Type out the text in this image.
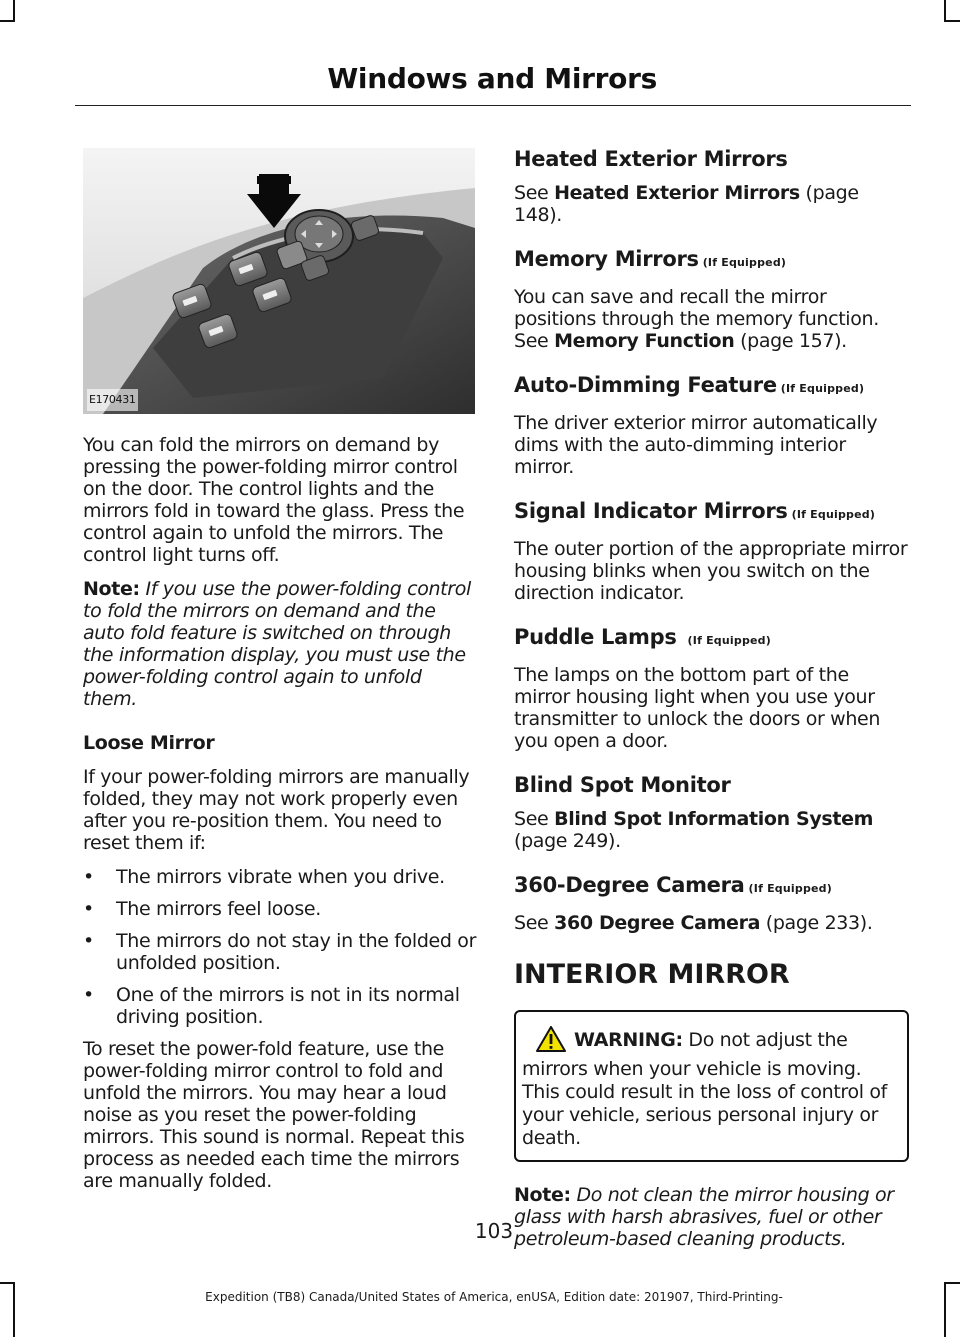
Windows and Mirrors
E170431

You can fold the mirrors on demand by pressing the power-folding mirror control on the door. The control lights and the mirrors fold in toward the glass. Press the control again to unfold the mirrors. The control light turns off.

Note: If you use the power-folding control to fold the mirrors on demand and the auto fold feature is switched on through the information display, you must use the power-folding control again to unfold them.

Loose Mirror

If your power-folding mirrors are manually folded, they may not work properly even after you re-position them. You need to reset them if:

• The mirrors vibrate when you drive.
• The mirrors feel loose.
• The mirrors do not stay in the folded or unfolded position.
• One of the mirrors is not in its normal driving position.

To reset the power-fold feature, use the power-folding mirror control to fold and unfold the mirrors. You may hear a loud noise as you reset the power-folding mirrors. This sound is normal. Repeat this process as needed each time the mirrors are manually folded.

Heated Exterior Mirrors
See Heated Exterior Mirrors (page 148).
Memory Mirrors (If Equipped)
You can save and recall the mirror positions through the memory function. See Memory Function (page 157).
Auto-Dimming Feature (If Equipped)
The driver exterior mirror automatically dims with the auto-dimming interior mirror.
Signal Indicator Mirrors (If Equipped)
The outer portion of the appropriate mirror housing blinks when you switch on the direction indicator.
Puddle Lamps (If Equipped)
The lamps on the bottom part of the mirror housing light when you use your transmitter to unlock the doors or when you open a door.
Blind Spot Monitor
See Blind Spot Information System (page 249).
360-Degree Camera (If Equipped)
See 360 Degree Camera (page 233).
INTERIOR MIRROR
WARNING: Do not adjust the mirrors when your vehicle is moving. This could result in the loss of control of your vehicle, serious personal injury or death.

Note: Do not clean the mirror housing or glass with harsh abrasives, fuel or other petroleum-based cleaning products.

103
Expedition (TB8) Canada/United States of America, enUSA, Edition date: 201907, Third-Printing-
